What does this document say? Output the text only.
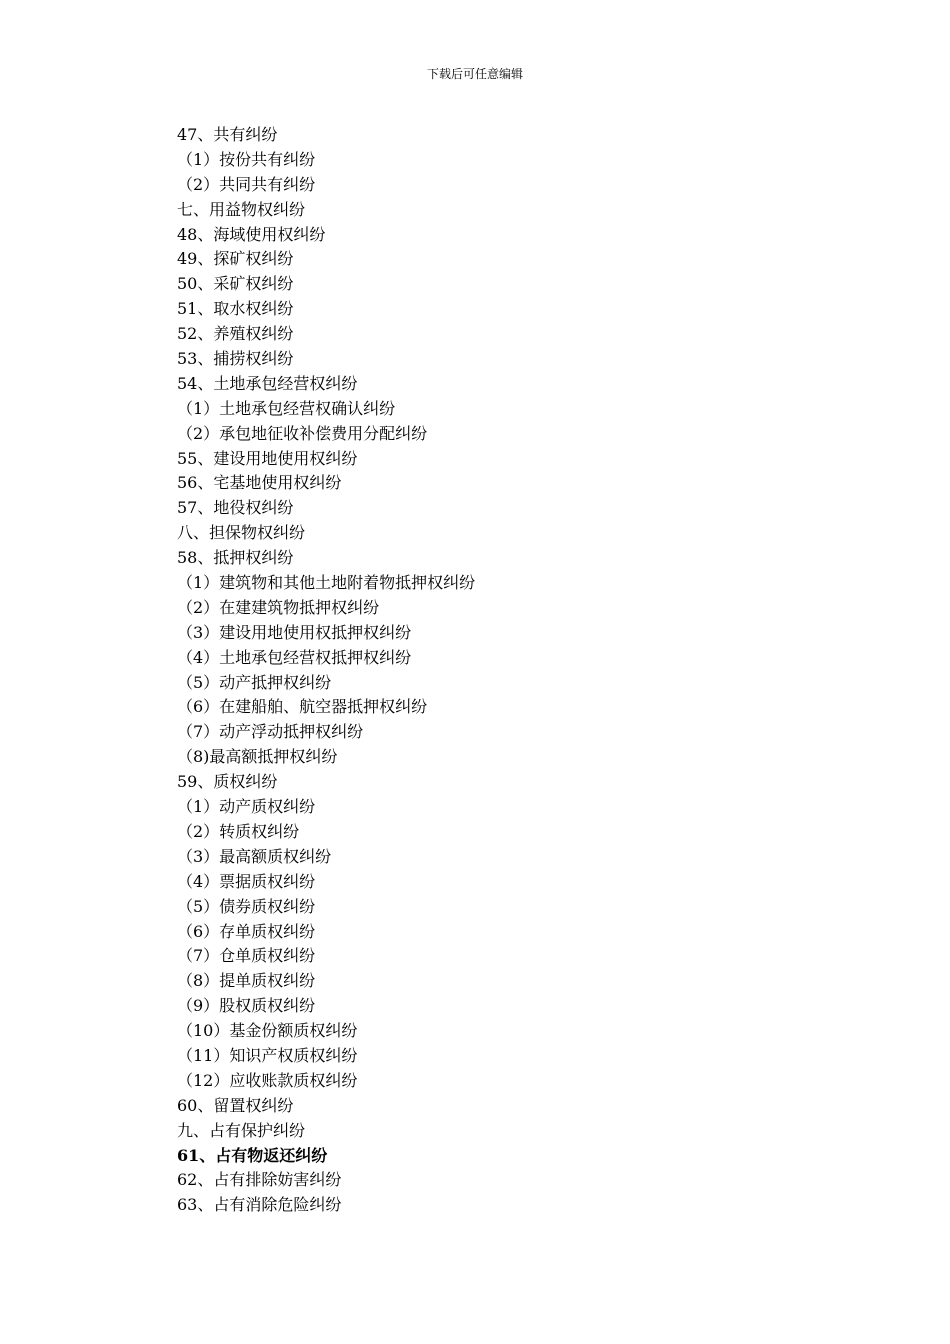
下载后可任意编辑
47、共有纠纷
（1）按份共有纠纷
（2）共同共有纠纷
七、用益物权纠纷
48、海域使用权纠纷
49、探矿权纠纷
50、采矿权纠纷
51、取水权纠纷
52、养殖权纠纷
53、捕捞权纠纷
54、土地承包经营权纠纷
（1）土地承包经营权确认纠纷
（2）承包地征收补偿费用分配纠纷
55、建设用地使用权纠纷
56、宅基地使用权纠纷
57、地役权纠纷
八、担保物权纠纷
58、抵押权纠纷
（1）建筑物和其他土地附着物抵押权纠纷
（2）在建建筑物抵押权纠纷
（3）建设用地使用权抵押权纠纷
（4）土地承包经营权抵押权纠纷
（5）动产抵押权纠纷
（6）在建船舶、航空器抵押权纠纷
（7）动产浮动抵押权纠纷
（8)最高额抵押权纠纷
59、质权纠纷
（1）动产质权纠纷
（2）转质权纠纷
（3）最高额质权纠纷
（4）票据质权纠纷
（5）债券质权纠纷
（6）存单质权纠纷
（7）仓单质权纠纷
（8）提单质权纠纷
（9）股权质权纠纷
（10）基金份额质权纠纷
（11）知识产权质权纠纷
（12）应收账款质权纠纷
60、留置权纠纷
九、占有保护纠纷
61、占有物返还纠纷
62、占有排除妨害纠纷
63、占有消除危险纠纷
